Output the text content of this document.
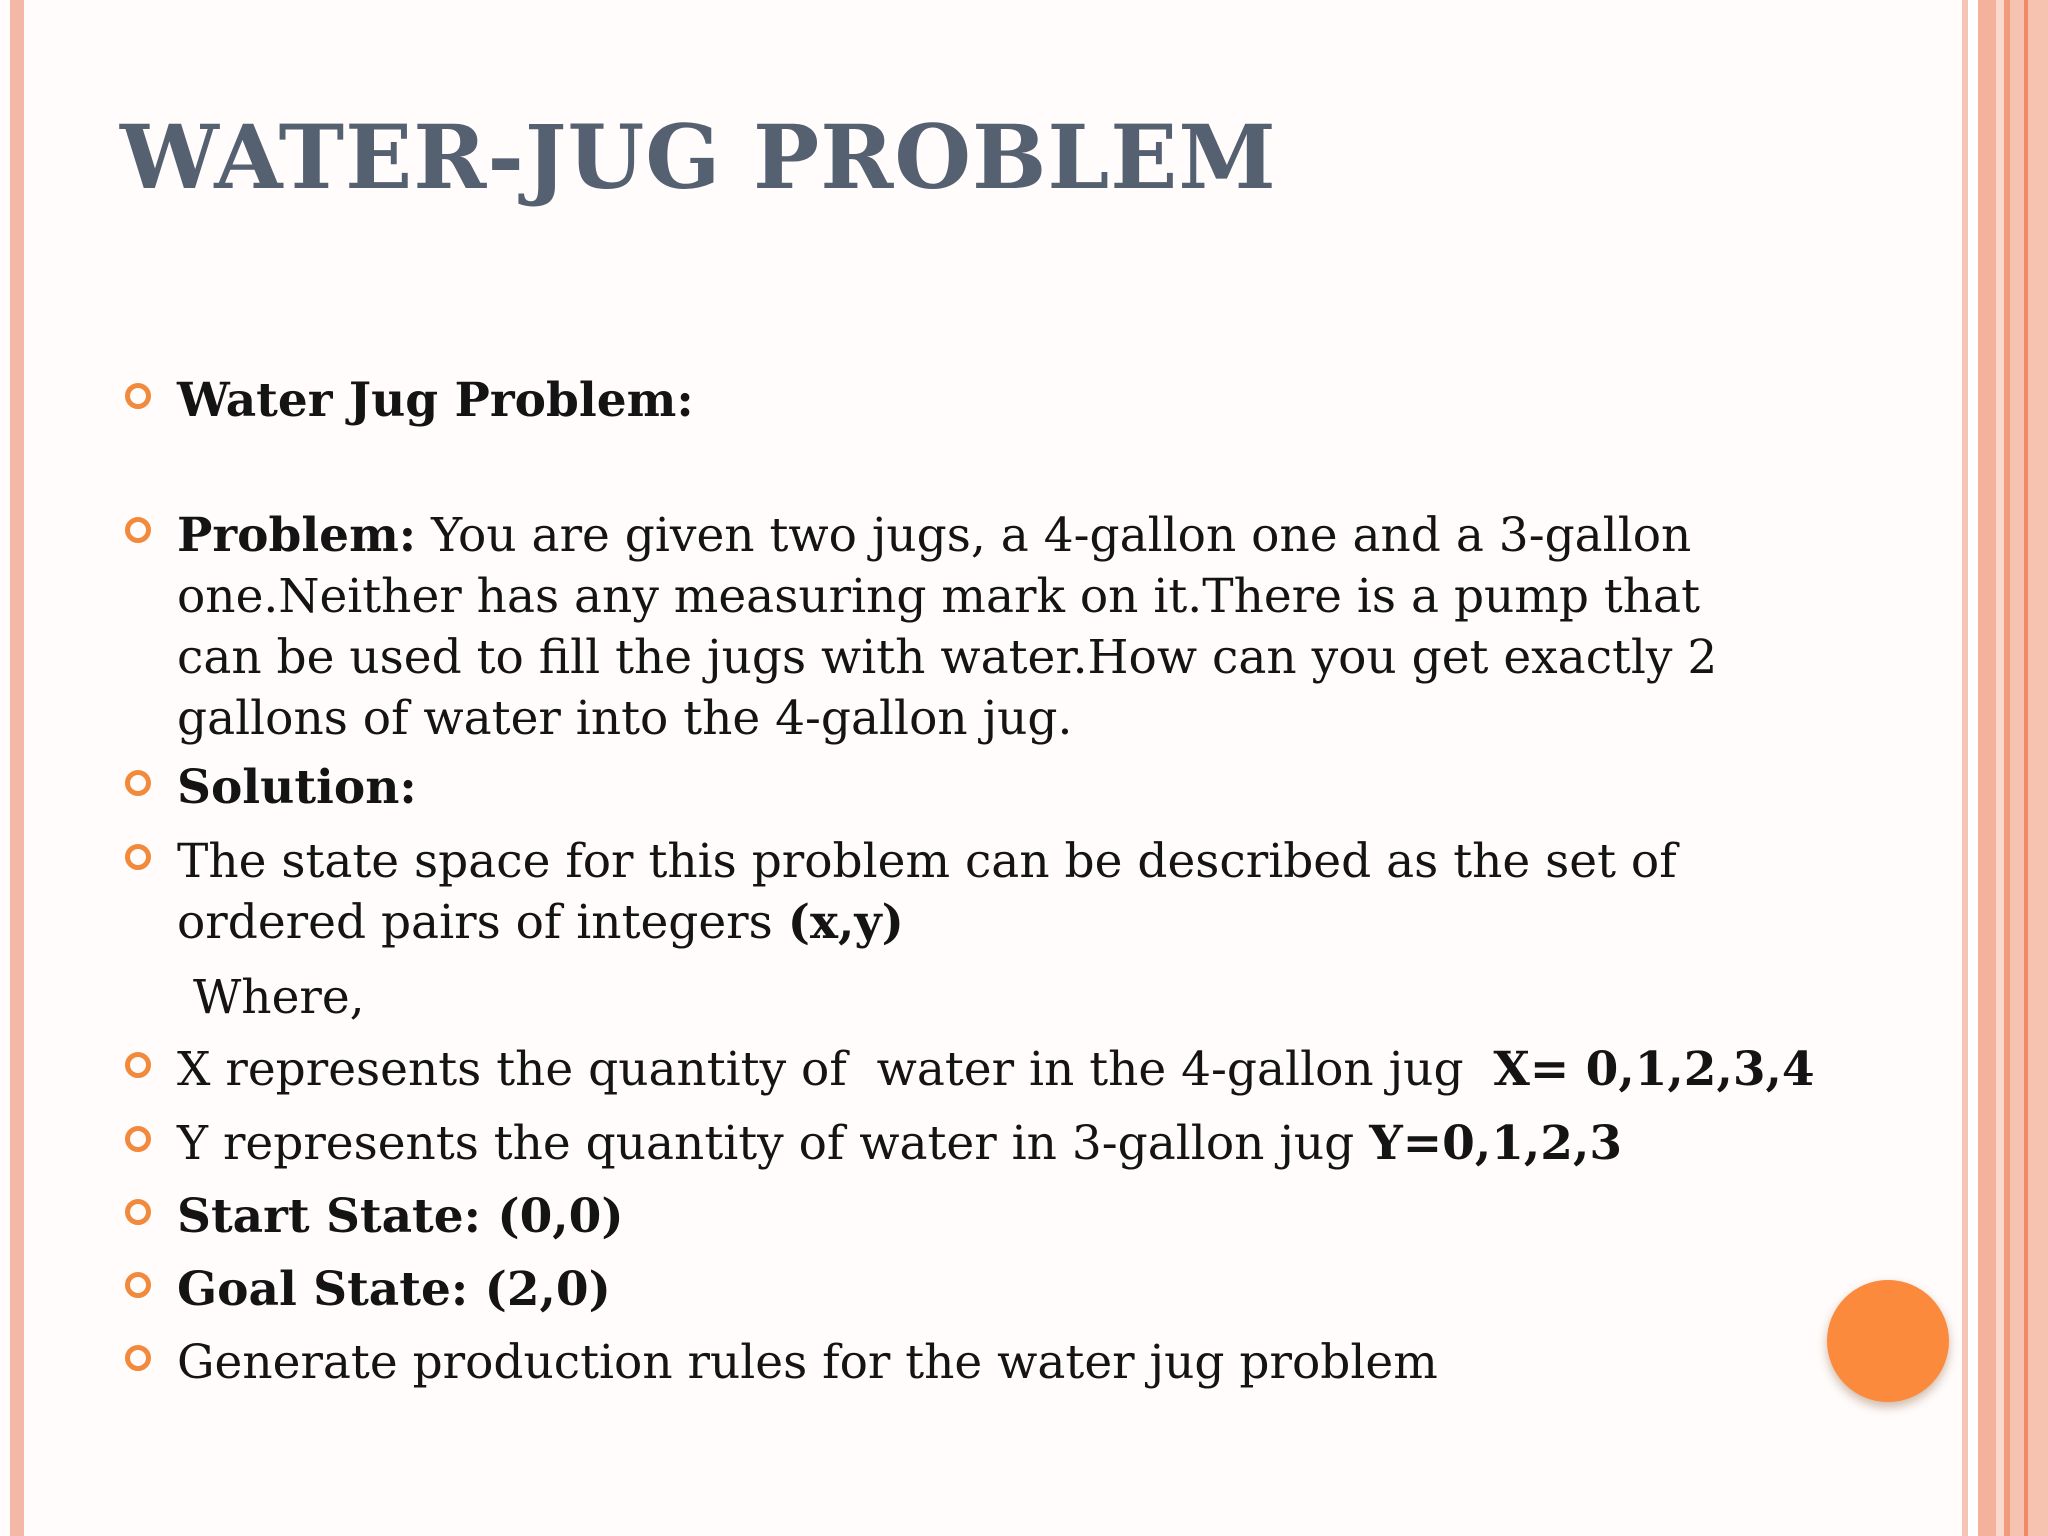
WATER-JUG PROBLEM
Water Jug Problem:
Problem: You are given two jugs, a 4-gallon one and a 3-gallon one.Neither has any measuring mark on it.There is a pump that can be used to fill the jugs with water.How can you get exactly 2 gallons of water into the 4-gallon jug.
Solution:
The state space for this problem can be described as the set of ordered pairs of integers (x,y)
Where,
X represents the quantity of  water in the 4-gallon jug  X= 0,1,2,3,4
Y represents the quantity of water in 3-gallon jug Y=0,1,2,3
Start State: (0,0)
Goal State: (2,0)
Generate production rules for the water jug problem
